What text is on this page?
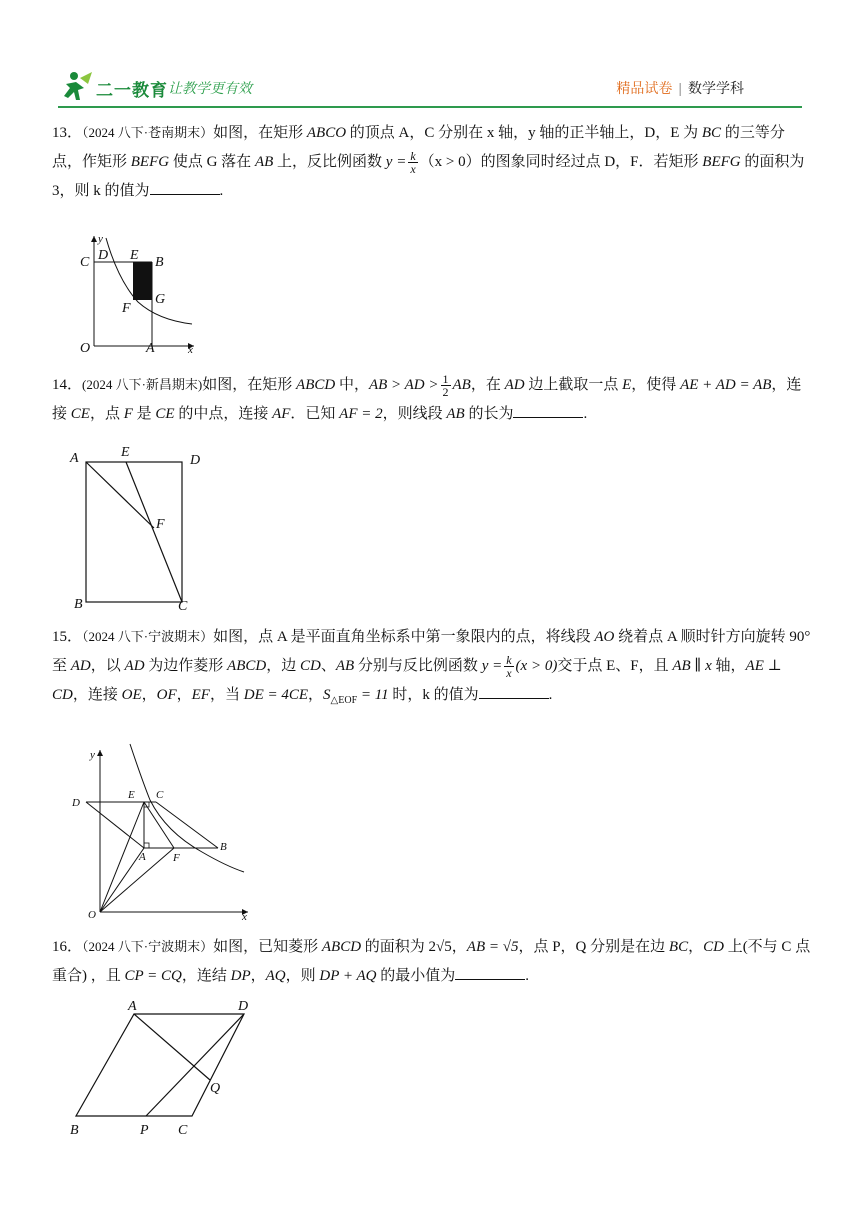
二一教育 让教学更有效	精品试卷 | 数学学科

13．（2024 八下·苍南期末）如图，在矩形 ABCO 的顶点 A，C 分别在 x 轴，y 轴的正半轴上，D，E 为 BC 的三等分点，作矩形 BEFG 使点 G 落在 AB 上，反比例函数 $y = \frac{k}{x} (x > 0)$的图象同时经过点 D，F．若矩形 BEFG 的面积为 3，则 k 的值为	.

y
C D E B
G
F
O	A	x

14．(2024 八下·新昌期末)如图，在矩形 ABCD 中，AB > AD > $\frac{1}{2}$ AB，在 AD 边上截取一点 E，使得 AE + AD = AB，连接 CE，点 F 是 CE 的中点，连接 AF．已知 AF = 2，则线段 AB 的长为	.

A	E
D
F
B	C

15．（2024 八下·宁波期末）如图，点 A 是平面直角坐标系中第一象限内的点，将线段 AO 绕着点 A 顺时针方向旋转 90°至 AD，以 AD 为边作菱形 ABCD，边 CD、AB 分别与反比例函数 $y = \frac{k}{x} (x > 0)$交于点 E、F，且 AB ∥ x 轴，AE ⊥ CD，连接 OE，OF，EF，当 DE = 4CE，$S_{\triangle EOF} = 11$ 时，k 的值为	.

y
E C
D
A F
B
O	x

16．（2024 八下·宁波期末）如图，已知菱形 ABCD 的面积为 2√5，AB = √5，点 P，Q 分别是在边 BC，CD 上(不与 C 点重合) ，且 CP = CQ，连结 DP，AQ，则 DP + AQ 的最小值为	.

A	D
Q
B	P C
